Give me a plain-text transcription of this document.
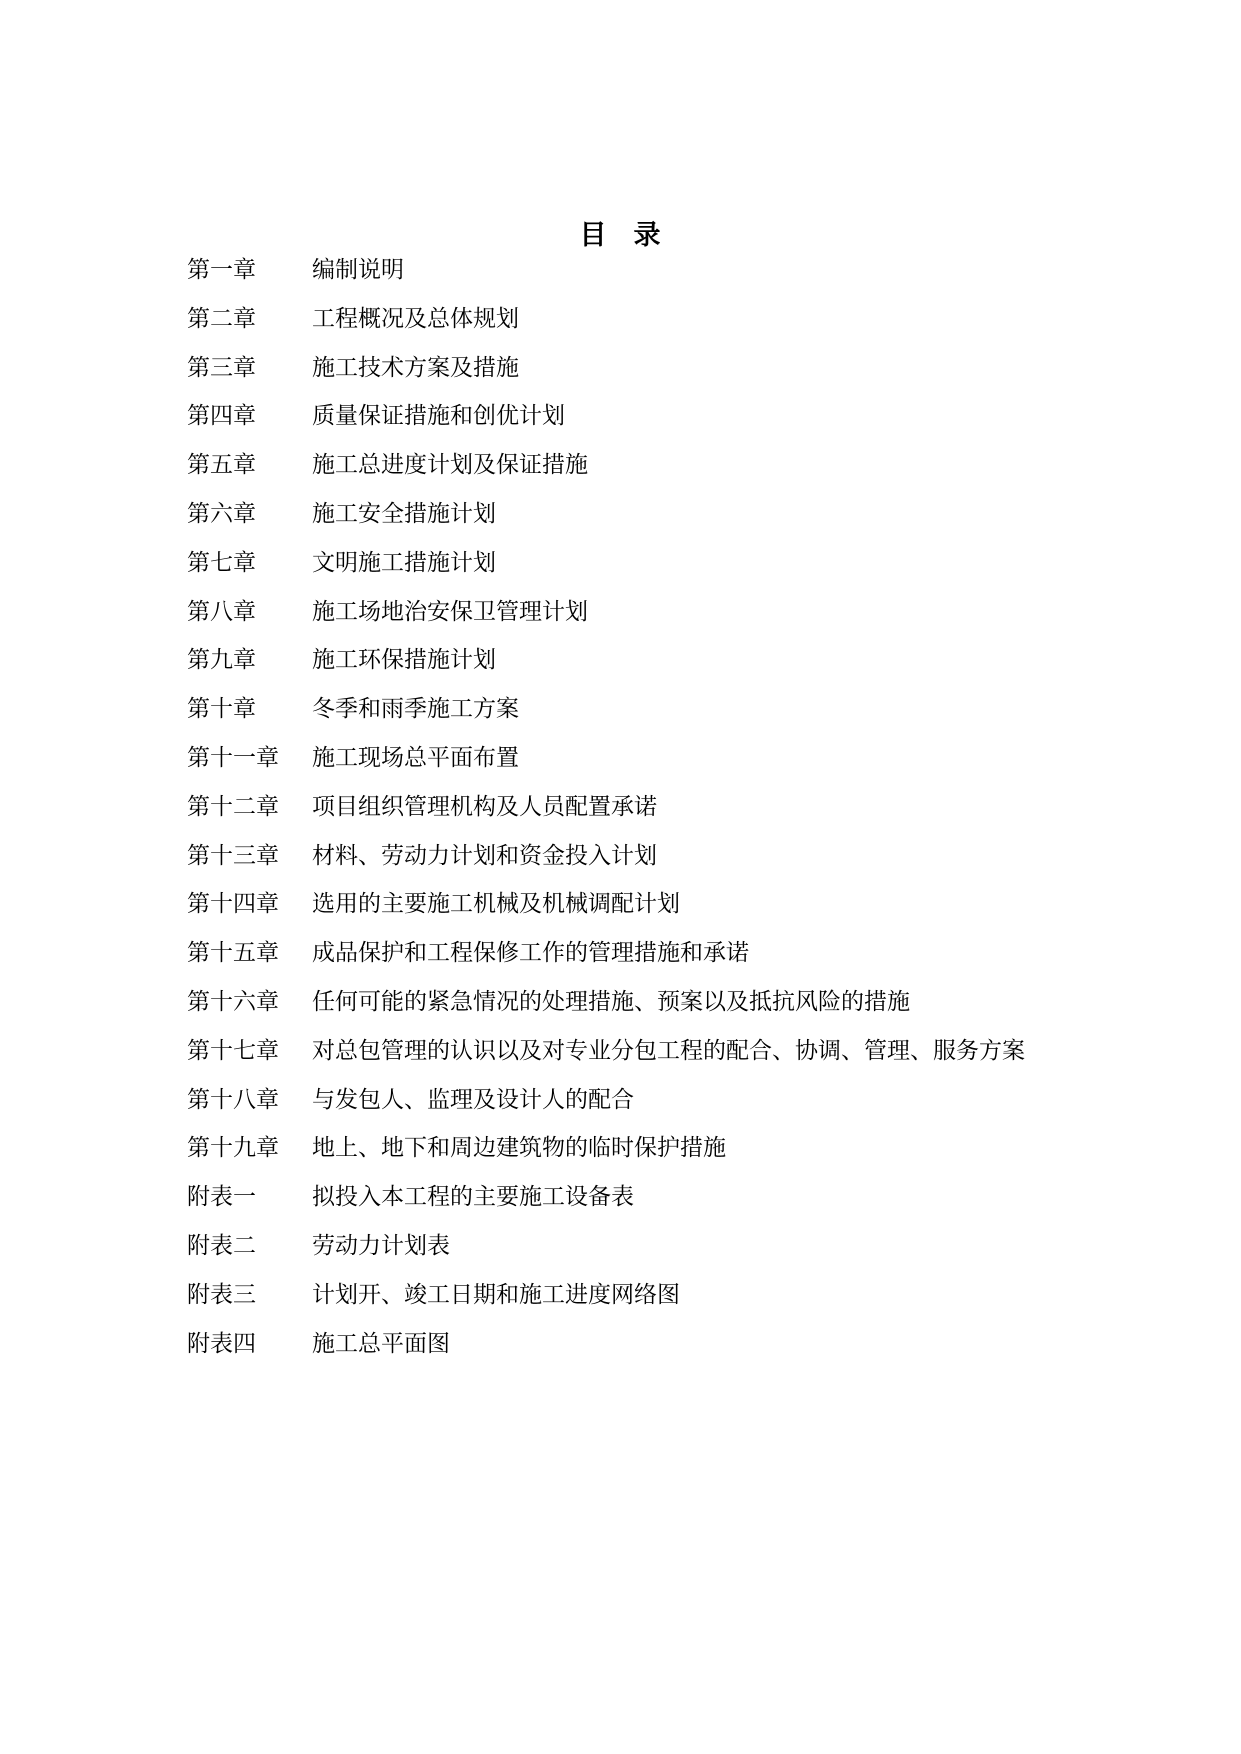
目 录
第一章	编制说明
第二章	工程概况及总体规划
第三章	施工技术方案及措施
第四章	质量保证措施和创优计划
第五章	施工总进度计划及保证措施
第六章	施工安全措施计划
第七章	文明施工措施计划
第八章	施工场地治安保卫管理计划
第九章	施工环保措施计划
第十章	冬季和雨季施工方案
第十一章	施工现场总平面布置
第十二章	项目组织管理机构及人员配置承诺
第十三章	材料、劳动力计划和资金投入计划
第十四章	选用的主要施工机械及机械调配计划
第十五章	成品保护和工程保修工作的管理措施和承诺
第十六章	任何可能的紧急情况的处理措施、预案以及抵抗风险的措施
第十七章	对总包管理的认识以及对专业分包工程的配合、协调、管理、服务方案
第十八章	与发包人、监理及设计人的配合
第十九章	地上、地下和周边建筑物的临时保护措施
附表一	拟投入本工程的主要施工设备表
附表二	劳动力计划表
附表三	计划开、竣工日期和施工进度网络图
附表四	施工总平面图
